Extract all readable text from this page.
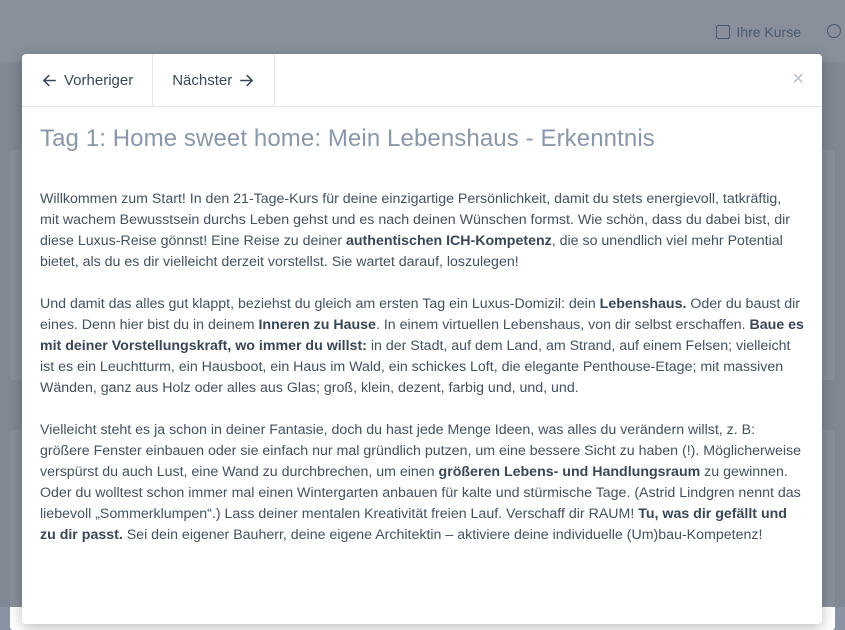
Vorheriger	Nächster	×
Tag 1: Home sweet home: Mein Lebenshaus - Erkenntnis

Willkommen zum Start! In den 21-Tage-Kurs für deine einzigartige Persönlichkeit, damit du stets energievoll, tatkräftig, mit wachem Bewusstsein durchs Leben gehst und es nach deinen Wünschen formst. Wie schön, dass du dabei bist, dir diese Luxus-Reise gönnst! Eine Reise zu deiner authentischen ICH-Kompetenz, die so unendlich viel mehr Potential bietet, als du es dir vielleicht derzeit vorstellst. Sie wartet darauf, loszulegen!

Und damit das alles gut klappt, beziehst du gleich am ersten Tag ein Luxus-Domizil: dein Lebenshaus. Oder du baust dir eines. Denn hier bist du in deinem Inneren zu Hause. In einem virtuellen Lebenshaus, von dir selbst erschaffen. Baue es mit deiner Vorstellungskraft, wo immer du willst: in der Stadt, auf dem Land, am Strand, auf einem Felsen; vielleicht ist es ein Leuchtturm, ein Hausboot, ein Haus im Wald, ein schickes Loft, die elegante Penthouse-Etage; mit massiven Wänden, ganz aus Holz oder alles aus Glas; groß, klein, dezent, farbig und, und, und.

Vielleicht steht es ja schon in deiner Fantasie, doch du hast jede Menge Ideen, was alles du verändern willst, z. B: größere Fenster einbauen oder sie einfach nur mal gründlich putzen, um eine bessere Sicht zu haben (!). Möglicherweise verspürst du auch Lust, eine Wand zu durchbrechen, um einen größeren Lebens- und Handlungsraum zu gewinnen. Oder du wolltest schon immer mal einen Wintergarten anbauen für kalte und stürmische Tage. (Astrid Lindgren nennt das liebevoll „Sommerklumpen“.) Lass deiner mentalen Kreativität freien Lauf. Verschaff dir RAUM! Tu, was dir gefällt und zu dir passt. Sei dein eigener Bauherr, deine eigene Architektin – aktiviere deine individuelle (Um)bau-Kompetenz!
